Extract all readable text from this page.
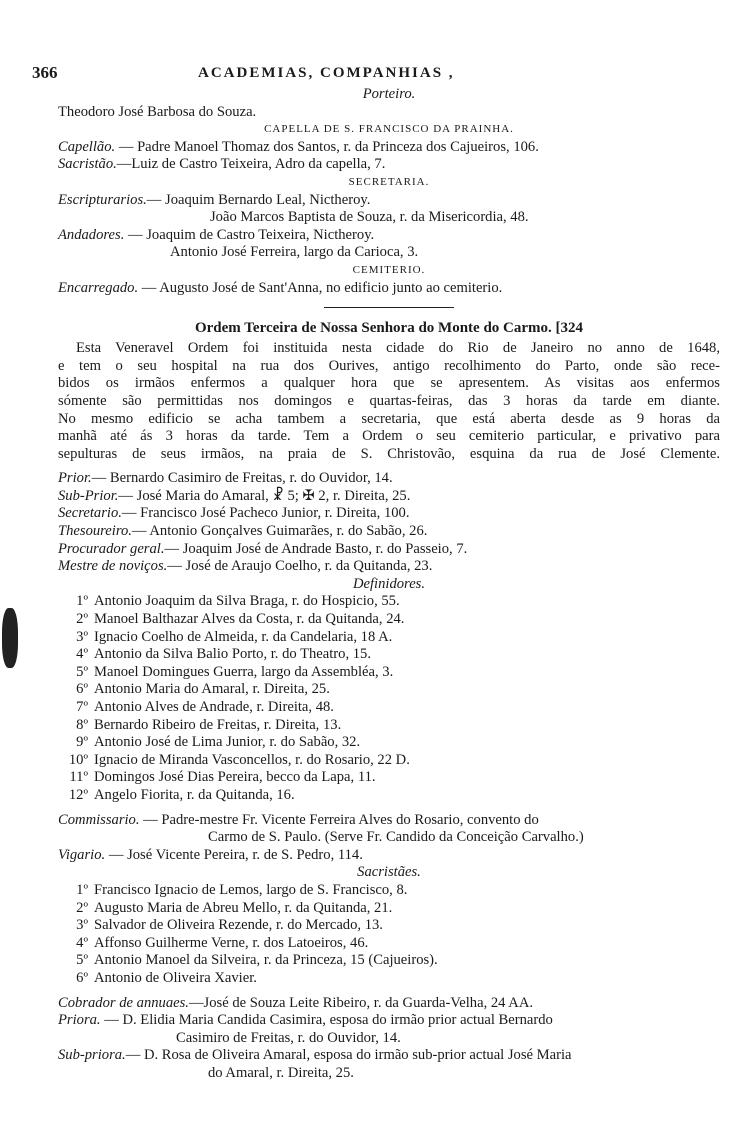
366	ACADEMIAS, COMPANHIAS ,
Porteiro.
Theodoro José Barbosa do Souza.
CAPELLA DE S. FRANCISCO DA PRAINHA.
Capellão. — Padre Manoel Thomaz dos Santos, r. da Princeza dos Cajueiros, 106.
Sacristão.—Luiz de Castro Teixeira, Adro da capella, 7.
SECRETARIA.
Escripturarios.— Joaquim Bernardo Leal, Nictheroy.
João Marcos Baptista de Souza, r. da Misericordia, 48.
Andadores. — Joaquim de Castro Teixeira, Nictheroy.
Antonio José Ferreira, largo da Carioca, 3.
CEMITERIO.
Encarregado. — Augusto José de Sant'Anna, no edificio junto ao cemiterio.
Ordem Terceira de Nossa Senhora do Monte do Carmo. [324
Esta Veneravel Ordem foi instituida nesta cidade do Rio de Janeiro no anno de 1648,
e tem o seu hospital na rua dos Ourives, antigo recolhimento do Parto, onde são rece-
bidos os irmãos enfermos a qualquer hora que se apresentem. As visitas aos enfermos
sómente são permittidas nos domingos e quartas-feiras, das 3 horas da tarde em diante.
No mesmo edificio se acha tambem a secretaria, que está aberta desde as 9 horas da
manhã até ás 3 horas da tarde. Tem a Ordem o seu cemiterio particular, e privativo para
sepulturas de seus irmãos, na praia de S. Christovão, esquina da rua de José Clemente.
Prior.— Bernardo Casimiro de Freitas, r. do Ouvidor, 14.
Sub-Prior.— José Maria do Amaral, ☧ 5; ✠ 2, r. Direita, 25.
Secretario.— Francisco José Pacheco Junior, r. Direita, 100.
Thesoureiro.— Antonio Gonçalves Guimarães, r. do Sabão, 26.
Procurador geral.— Joaquim José de Andrade Basto, r. do Passeio, 7.
Mestre de noviços.— José de Araujo Coelho, r. da Quitanda, 23.
Definidores.
1º Antonio Joaquim da Silva Braga, r. do Hospicio, 55.
2º Manoel Balthazar Alves da Costa, r. da Quitanda, 24.
3º Ignacio Coelho de Almeida, r. da Candelaria, 18 A.
4º Antonio da Silva Balio Porto, r. do Theatro, 15.
5º Manoel Domingues Guerra, largo da Assembléa, 3.
6º Antonio Maria do Amaral, r. Direita, 25.
7º Antonio Alves de Andrade, r. Direita, 48.
8º Bernardo Ribeiro de Freitas, r. Direita, 13.
9º Antonio José de Lima Junior, r. do Sabão, 32.
10º Ignacio de Miranda Vasconcellos, r. do Rosario, 22 D.
11º Domingos José Dias Pereira, becco da Lapa, 11.
12º Angelo Fiorita, r. da Quitanda, 16.
Commissario. — Padre-mestre Fr. Vicente Ferreira Alves do Rosario, convento do
Carmo de S. Paulo. (Serve Fr. Candido da Conceição Carvalho.)
Vigario. — José Vicente Pereira, r. de S. Pedro, 114.
Sacristães.
1º Francisco Ignacio de Lemos, largo de S. Francisco, 8.
2º Augusto Maria de Abreu Mello, r. da Quitanda, 21.
3º Salvador de Oliveira Rezende, r. do Mercado, 13.
4º Affonso Guilherme Verne, r. dos Latoeiros, 46.
5º Antonio Manoel da Silveira, r. da Princeza, 15 (Cajueiros).
6º Antonio de Oliveira Xavier.
Cobrador de annuaes.—José de Souza Leite Ribeiro, r. da Guarda-Velha, 24 AA.
Priora. — D. Elidia Maria Candida Casimira, esposa do irmão prior actual Bernardo
Casimiro de Freitas, r. do Ouvidor, 14.
Sub-priora.— D. Rosa de Oliveira Amaral, esposa do irmão sub-prior actual José Maria
do Amaral, r. Direita, 25.
